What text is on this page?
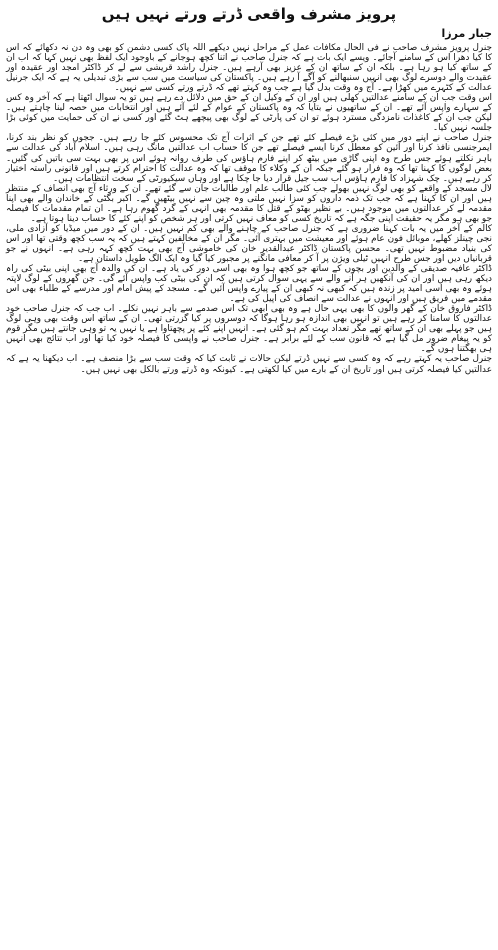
پرویز مشرف واقعی ڈرتے ورتے نہیں ہیں
جبار مرزا

جنرل پرویز مشرف صاحب نے فی الحال مکافات عمل کے مراحل نہیں دیکھے اللہ پاک کسی دشمن کو بھی وہ دن نہ دکھائے کہ اس کا کیا دھرا اس کے سامنے آجائے۔ ویسے ایک بات ہے کہ جنرل صاحب نے اتنا کچھ ہوجانے کے باوجود ایک لفظ بھی نہیں کہا کہ اب ان کے ساتھ کیا ہو رہا ہے۔ بلکہ ان کے ساتھ ان کے عزیز بھی آرہے ہیں۔ جنرل راشد قریشی سے لے کر ڈاکٹر امجد اور عقیدہ اور عقیدت والے دوسرے لوگ بھی انہیں سنبھالنے کو آگے آ رہے ہیں۔ پاکستان کی سیاست میں سب سے بڑی تبدیلی یہ ہے کہ ایک جرنیل عدالت کے کٹہرے میں کھڑا ہے۔ آج وہ وقت بدل گیا ہے جب وہ کہتے تھے کہ ڈرتے ورتے کسی سے نہیں۔

اس وقت جب ان کے سامنے عدالتیں کھلی ہیں اور ان کے وکیل ان کے حق میں دلائل دے رہے ہیں تو یہ سوال اٹھتا ہے کہ آخر وہ کس کے سہارے واپس آئے تھے۔ ان کے ساتھیوں نے بتایا کہ وہ پاکستان کے عوام کے لئے آئے ہیں اور انتخابات میں حصہ لینا چاہتے ہیں۔ لیکن جب ان کے کاغذات نامزدگی مسترد ہوئے تو ان کی پارٹی کے لوگ بھی پیچھے ہٹ گئے اور کسی نے ان کی حمایت میں کوئی بڑا جلسہ نہیں کیا۔

جنرل صاحب نے اپنے دور میں کئی بڑے فیصلے کئے تھے جن کے اثرات آج تک محسوس کئے جا رہے ہیں۔ ججوں کو نظر بند کرنا، ایمرجنسی نافذ کرنا اور آئین کو معطل کرنا ایسے فیصلے تھے جن کا حساب اب عدالتیں مانگ رہی ہیں۔ اسلام آباد کی عدالت سے باہر نکلتے ہوئے جس طرح وہ اپنی گاڑی میں بیٹھ کر اپنے فارم ہاؤس کی طرف روانہ ہوئے اس پر بھی بہت سی باتیں کی گئیں۔ بعض لوگوں کا کہنا تھا کہ وہ فرار ہو گئے جبکہ ان کے وکلاء کا موقف تھا کہ وہ عدالت کا احترام کرتے ہیں اور قانونی راستہ اختیار کر رہے ہیں۔ چک شہزاد کا فارم ہاؤس اب سب جیل قرار دیا جا چکا ہے اور وہاں سیکیورٹی کے سخت انتظامات ہیں۔

لال مسجد کے واقعے کو بھی لوگ نہیں بھولے جب کئی طالب علم اور طالبات جان سے گئے تھے۔ ان کے ورثاء آج بھی انصاف کے منتظر ہیں اور ان کا کہنا ہے کہ جب تک ذمہ داروں کو سزا نہیں ملتی وہ چین سے نہیں بیٹھیں گے۔ اکبر بگٹی کے خاندان والے بھی اپنا مقدمہ لے کر عدالتوں میں موجود ہیں۔ بے نظیر بھٹو کے قتل کا مقدمہ بھی انہی کے گرد گھوم رہا ہے۔ ان تمام مقدمات کا فیصلہ جو بھی ہو مگر یہ حقیقت اپنی جگہ ہے کہ تاریخ کسی کو معاف نہیں کرتی اور ہر شخص کو اپنے کئے کا حساب دینا ہوتا ہے۔

کالم کے آخر میں یہ بات کہنا ضروری ہے کہ جنرل صاحب کے چاہنے والے بھی کم نہیں ہیں۔ ان کے دور میں میڈیا کو آزادی ملی، نجی چینلز کھلے، موبائل فون عام ہوئے اور معیشت میں بہتری آئی۔ مگر ان کے مخالفین کہتے ہیں کہ یہ سب کچھ وقتی تھا اور اس کی بنیاد مضبوط نہیں تھی۔ محسن پاکستان ڈاکٹر عبدالقدیر خان کی خاموشی آج بھی بہت کچھ کہہ رہی ہے۔ انہوں نے جو قربانیاں دیں اور جس طرح انہیں ٹیلی ویژن پر آ کر معافی مانگنے پر مجبور کیا گیا وہ ایک الگ طویل داستان ہے۔

ڈاکٹر عافیہ صدیقی کے والدین اور بچوں کے ساتھ جو کچھ ہوا وہ بھی اسی دور کی یاد ہے۔ ان کی والدہ آج بھی اپنی بیٹی کی راہ دیکھ رہی ہیں اور ان کی آنکھیں ہر آنے والے سے یہی سوال کرتی ہیں کہ ان کی بیٹی کب واپس آئے گی۔ جن گھروں کے لوگ لاپتہ ہوئے وہ بھی اسی امید پر زندہ ہیں کہ کبھی نہ کبھی ان کے پیارے واپس آئیں گے۔ مسجد کے پیش امام اور مدرسے کے طلباء بھی اس مقدمے میں فریق ہیں اور انہوں نے عدالت سے انصاف کی اپیل کی ہے۔

ڈاکٹر فاروق خان کے گھر والوں کا بھی یہی حال ہے وہ بھی ابھی تک اس صدمے سے باہر نہیں نکلے۔ اب جب کہ جنرل صاحب خود عدالتوں کا سامنا کر رہے ہیں تو انہیں بھی اندازہ ہو رہا ہوگا کہ دوسروں پر کیا گزرتی تھی۔ ان کے ساتھ اس وقت بھی وہی لوگ ہیں جو پہلے بھی ان کے ساتھ تھے مگر تعداد بہت کم ہو گئی ہے۔ انہیں اپنے کئے پر پچھتاوا ہے یا نہیں یہ تو وہی جانتے ہیں مگر قوم کو یہ پیغام ضرور مل گیا ہے کہ قانون سب کے لئے برابر ہے۔ جنرل صاحب نے واپسی کا فیصلہ خود کیا تھا اور اب نتائج بھی انہیں ہی بھگتنا ہوں گے۔

جنرل صاحب یہ کہتے رہے کہ وہ کسی سے نہیں ڈرتے لیکن حالات نے ثابت کیا کہ وقت سب سے بڑا منصف ہے۔ اب دیکھنا یہ ہے کہ عدالتیں کیا فیصلہ کرتی ہیں اور تاریخ ان کے بارے میں کیا لکھتی ہے۔ کیونکہ وہ ڈرتے ورتے بالکل بھی نہیں ہیں۔
